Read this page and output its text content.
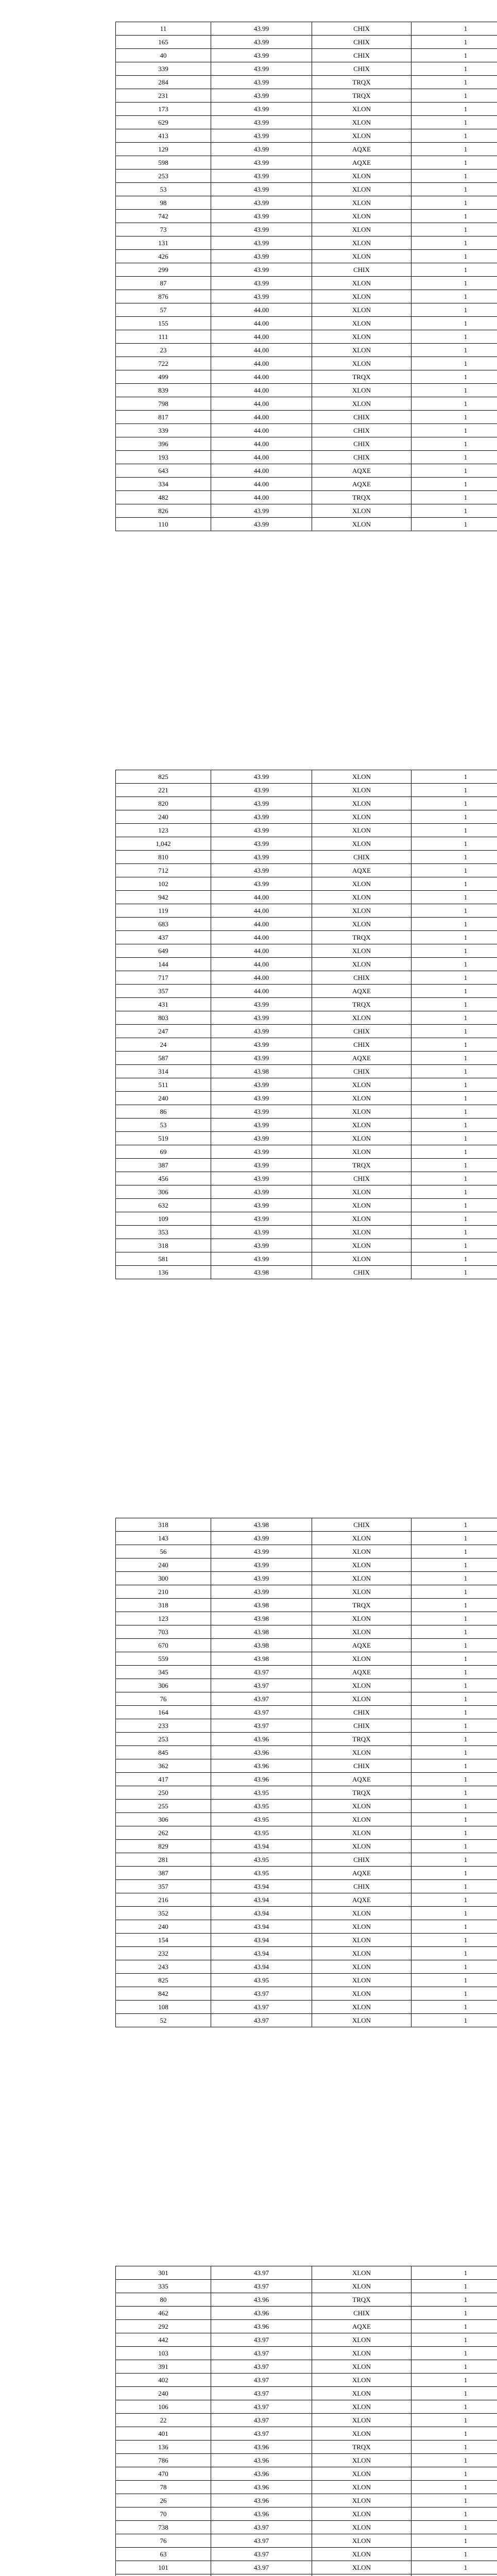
11	43.99	CHIX	1
165	43.99	CHIX	1
40	43.99	CHIX	1
339	43.99	CHIX	1
284	43.99	TRQX	1
231	43.99	TRQX	1
173	43.99	XLON	1
629	43.99	XLON	1
413	43.99	XLON	1
129	43.99	AQXE	1
598	43.99	AQXE	1
253	43.99	XLON	1
53	43.99	XLON	1
98	43.99	XLON	1
742	43.99	XLON	1
73	43.99	XLON	1
131	43.99	XLON	1
426	43.99	XLON	1
299	43.99	CHIX	1
87	43.99	XLON	1
876	43.99	XLON	1
57	44.00	XLON	1
155	44.00	XLON	1
111	44.00	XLON	1
23	44.00	XLON	1
722	44.00	XLON	1
499	44.00	TRQX	1
839	44.00	XLON	1
798	44.00	XLON	1
817	44.00	CHIX	1
339	44.00	CHIX	1
396	44.00	CHIX	1
193	44.00	CHIX	1
643	44.00	AQXE	1
334	44.00	AQXE	1
482	44.00	TRQX	1
826	43.99	XLON	1
110	43.99	XLON	1
825	43.99	XLON	1
221	43.99	XLON	1
820	43.99	XLON	1
240	43.99	XLON	1
123	43.99	XLON	1
1,042	43.99	XLON	1
810	43.99	CHIX	1
712	43.99	AQXE	1
102	43.99	XLON	1
942	44.00	XLON	1
119	44.00	XLON	1
683	44.00	XLON	1
437	44.00	TRQX	1
649	44.00	XLON	1
144	44.00	XLON	1
717	44.00	CHIX	1
357	44.00	AQXE	1
431	43.99	TRQX	1
803	43.99	XLON	1
247	43.99	CHIX	1
24	43.99	CHIX	1
587	43.99	AQXE	1
314	43.98	CHIX	1
511	43.99	XLON	1
240	43.99	XLON	1
86	43.99	XLON	1
53	43.99	XLON	1
519	43.99	XLON	1
69	43.99	XLON	1
387	43.99	TRQX	1
456	43.99	CHIX	1
306	43.99	XLON	1
632	43.99	XLON	1
109	43.99	XLON	1
353	43.99	XLON	1
318	43.99	XLON	1
581	43.99	XLON	1
136	43.98	CHIX	1
318	43.98	CHIX	1
143	43.99	XLON	1
56	43.99	XLON	1
240	43.99	XLON	1
300	43.99	XLON	1
210	43.99	XLON	1
318	43.98	TRQX	1
123	43.98	XLON	1
703	43.98	XLON	1
670	43.98	AQXE	1
559	43.98	XLON	1
345	43.97	AQXE	1
306	43.97	XLON	1
76	43.97	XLON	1
164	43.97	CHIX	1
233	43.97	CHIX	1
253	43.96	TRQX	1
845	43.96	XLON	1
362	43.96	CHIX	1
417	43.96	AQXE	1
250	43.95	TRQX	1
255	43.95	XLON	1
306	43.95	XLON	1
262	43.95	XLON	1
829	43.94	XLON	1
281	43.95	CHIX	1
387	43.95	AQXE	1
357	43.94	CHIX	1
216	43.94	AQXE	1
352	43.94	XLON	1
240	43.94	XLON	1
154	43.94	XLON	1
232	43.94	XLON	1
243	43.94	XLON	1
825	43.95	XLON	1
842	43.97	XLON	1
108	43.97	XLON	1
52	43.97	XLON	1
301	43.97	XLON	1
335	43.97	XLON	1
80	43.96	TRQX	1
462	43.96	CHIX	1
292	43.96	AQXE	1
442	43.97	XLON	1
103	43.97	XLON	1
391	43.97	XLON	1
402	43.97	XLON	1
240	43.97	XLON	1
106	43.97	XLON	1
22	43.97	XLON	1
401	43.97	XLON	1
136	43.96	TRQX	1
786	43.96	XLON	1
470	43.96	XLON	1
78	43.96	XLON	1
26	43.96	XLON	1
70	43.96	XLON	1
738	43.97	XLON	1
76	43.97	XLON	1
63	43.97	XLON	1
101	43.97	XLON	1
